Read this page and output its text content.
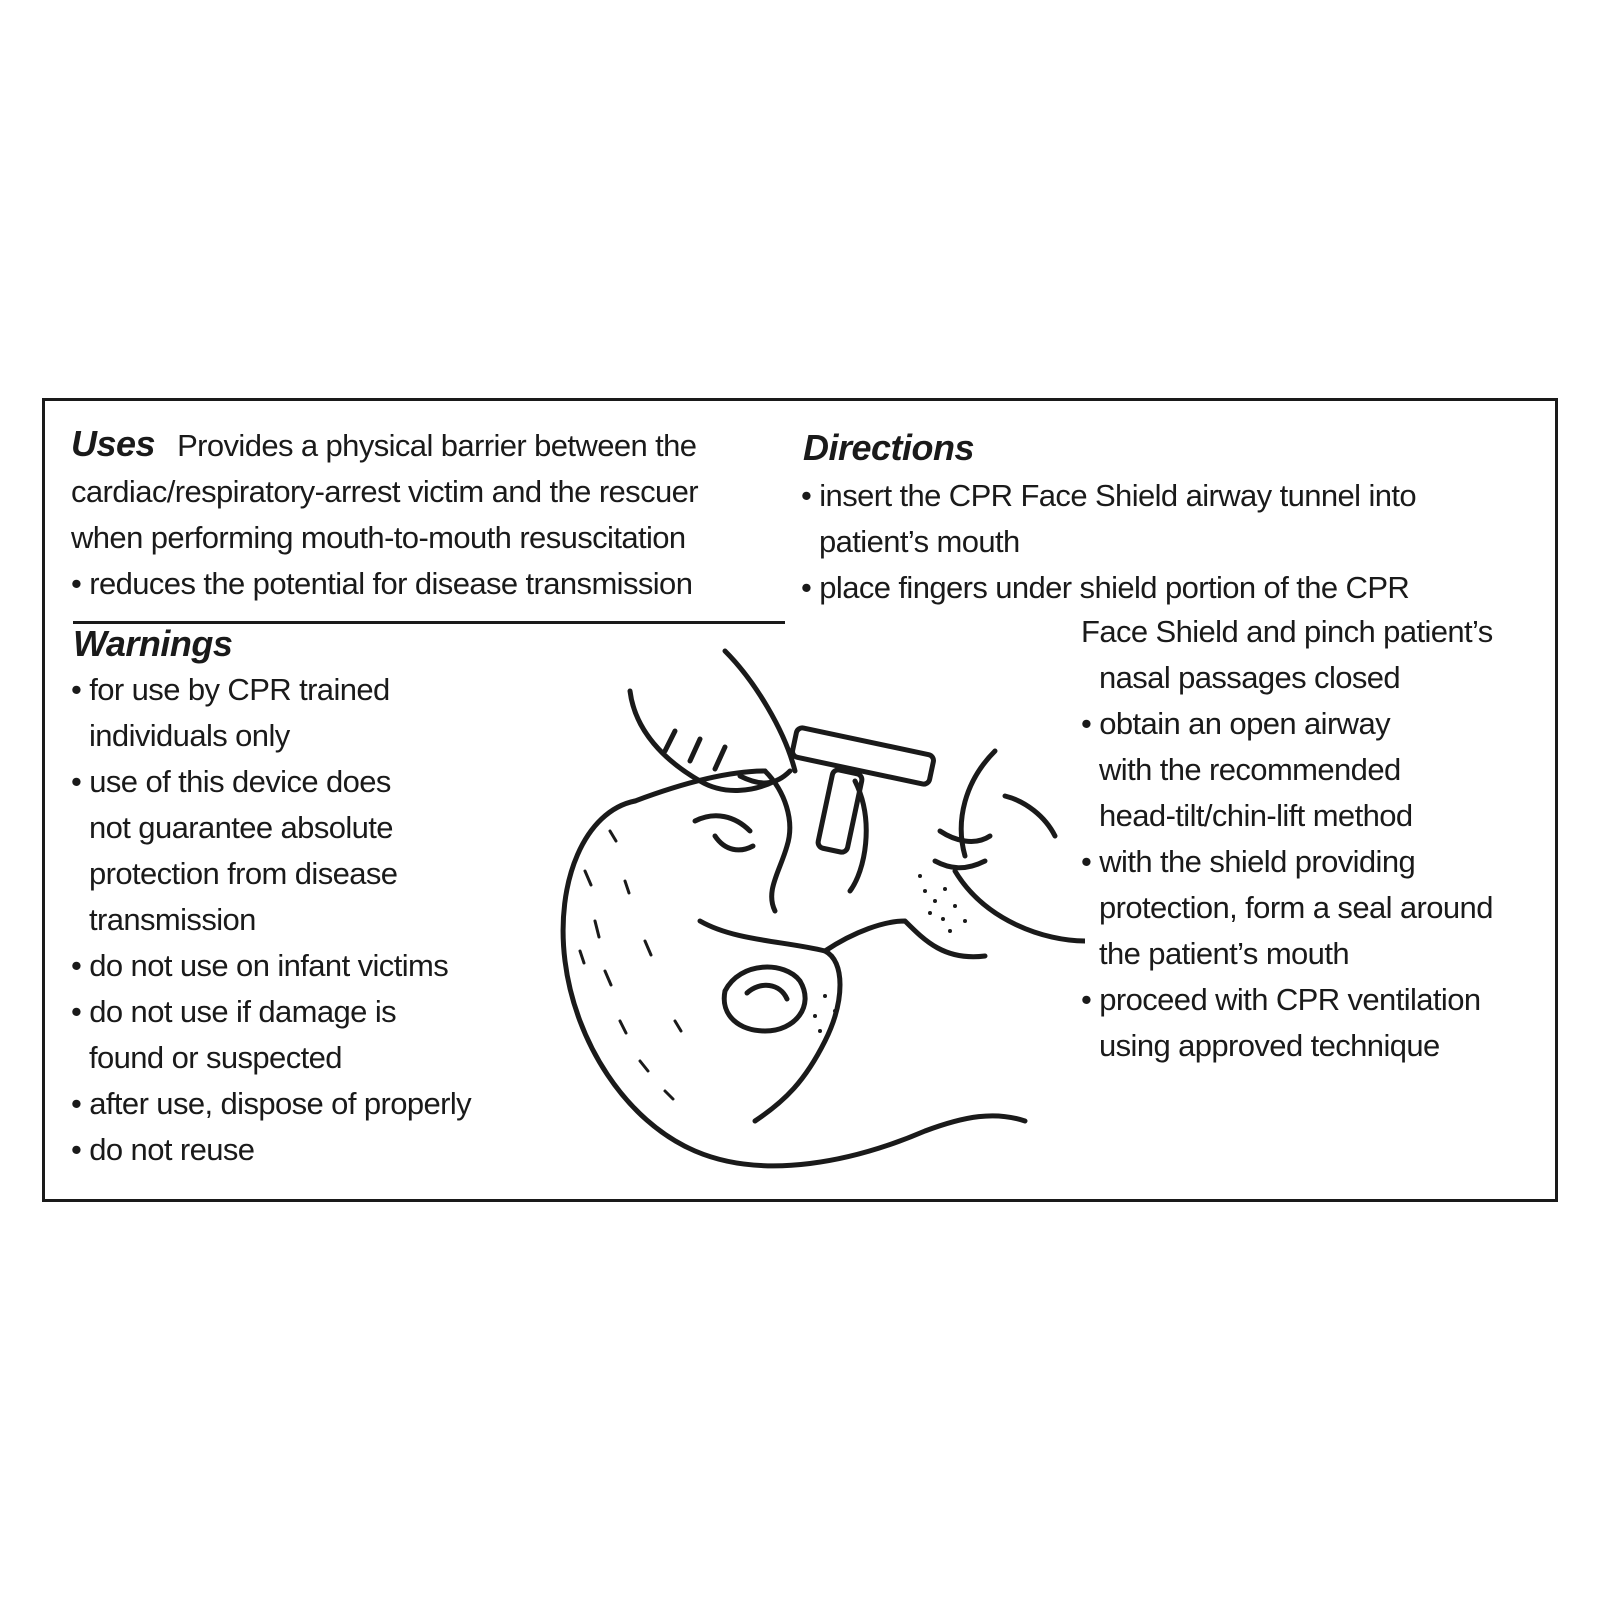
Uses Provides a physical barrier between the
cardiac/respiratory-arrest victim and the rescuer
when performing mouth-to-mouth resuscitation
• reduces the potential for disease transmission
Warnings
• for use by CPR trained
individuals only
• use of this device does
not guarantee absolute
protection from disease
transmission
• do not use on infant victims
• do not use if damage is
found or suspected
• after use, dispose of properly
• do not reuse
Directions
• insert the CPR Face Shield airway tunnel into
patient’s mouth
• place fingers under shield portion of the CPR
Face Shield and pinch patient’s
nasal passages closed
• obtain an open airway
with the recommended
head-tilt/chin-lift method
• with the shield providing
protection, form a seal around
the patient’s mouth
• proceed with CPR ventilation
using approved technique
